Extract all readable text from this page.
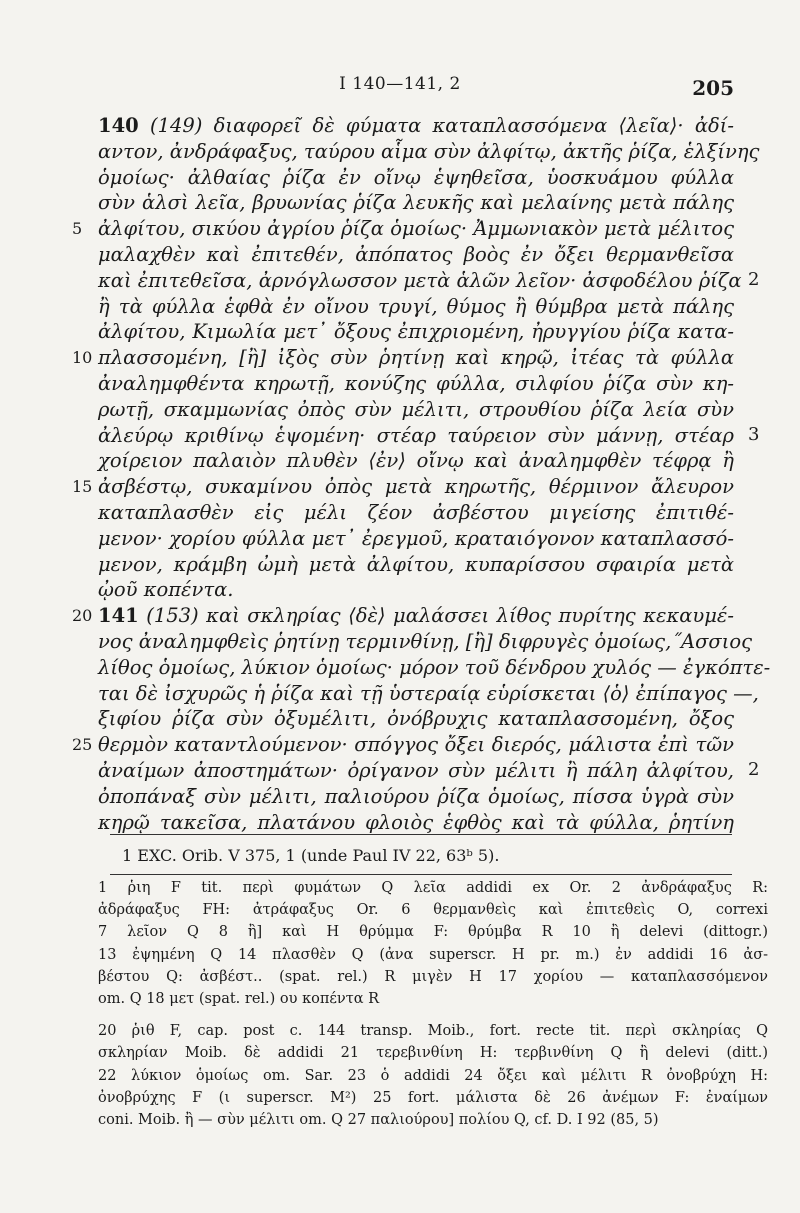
I 140—141, 2	205
140 (149) διαφορεῖ δὲ φύματα καταπλασσόμενα ⟨λεῖα⟩· ἀδί-
αντον, ἀνδράφαξυς, ταύρου αἷμα σὺν ἀλφίτῳ, ἀκτῆς ῥίζα, ἑλξίνης
ὁμοίως· ἀλθαίας ῥίζα ἐν οἴνῳ ἑψηθεῖσα, ὑοσκυάμου φύλλα
σὺν ἁλσὶ λεῖα, βρυωνίας ῥίζα λευκῆς καὶ μελαίνης μετὰ πάλης
5 ἀλφίτου, σικύου ἀγρίου ῥίζα ὁμοίως· Ἀμμωνιακὸν μετὰ μέλιτος
μαλαχθὲν καὶ ἐπιτεθέν, ἀπόπατος βοὸς ἐν ὄξει θερμανθεῖσα
καὶ ἐπιτεθεῖσα, ἀρνόγλωσσον μετὰ ἁλῶν λεῖον· ἀσφοδέλου ῥίζα 2
ἢ τὰ φύλλα ἑφθὰ ἐν οἴνου τρυγί, θύμος ἢ θύμβρα μετὰ πάλης
ἀλφίτου, Κιμωλία μετ᾽ ὄξους ἐπιχριομένη, ἠρυγγίου ῥίζα κατα-
10 πλασσομένη, [ἢ] ἰξὸς σὺν ῥητίνῃ καὶ κηρῷ, ἰτέας τὰ φύλλα
ἀναλημφθέντα κηρωτῇ, κονύζης φύλλα, σιλφίου ῥίζα σὺν κη-
ρωτῇ, σκαμμωνίας ὀπὸς σὺν μέλιτι, στρουθίου ῥίζα λεία σὺν
ἀλεύρῳ κριθίνῳ ἑψομένη· στέαρ ταύρειον σὺν μάννῃ, στέαρ 3
χοίρειον παλαιὸν πλυθὲν ⟨ἐν⟩ οἴνῳ καὶ ἀναλημφθὲν τέφρᾳ ἢ
15 ἀσβέστῳ, συκαμίνου ὀπὸς μετὰ κηρωτῆς, θέρμινον ἄλευρον
καταπλασθὲν εἰς μέλι ζέον ἀσβέστου μιγείσης ἐπιτιθέ-
μενον· χορίου φύλλα μετ᾽ ἐρεγμοῦ, κραταιόγονον καταπλασσό-
μενον, κράμβη ὠμὴ μετὰ ἀλφίτου, κυπαρίσσου σφαιρία μετὰ
ᾠοῦ κοπέντα.
20 141 (153) καὶ σκληρίας ⟨δὲ⟩ μαλάσσει λίθος πυρίτης κεκαυμέ-
νος ἀναλημφθεὶς ῥητίνῃ τερμινθίνῃ, [ἢ] διφρυγὲς ὁμοίως,˝Ασσιος
λίθος ὁμοίως, λύκιον ὁμοίως· μόρον τοῦ δένδρου χυλός — ἐγκόπτε-
ται δὲ ἰσχυρῶς ἡ ῥίζα καὶ τῇ ὑστεραίᾳ εὑρίσκεται ⟨ὁ⟩ ἐπίπαγος —,
ξιφίου ῥίζα σὺν ὀξυμέλιτι, ὀνόβρυχις καταπλασσομένη, ὄξος
25 θερμὸν καταντλούμενον· σπόγγος ὄξει διερός, μάλιστα ἐπὶ τῶν
ἀναίμων ἀποστημάτων· ὀρίγανον σὺν μέλιτι ἢ πάλη ἀλφίτου, 2
ὀποπάναξ σὺν μέλιτι, παλιούρου ῥίζα ὁμοίως, πίσσα ὑγρὰ σὺν
κηρῷ τακεῖσα, πλατάνου φλοιὸς ἑφθὸς καὶ τὰ φύλλα, ῥητίνη
1 EXC. Orib. V 375, 1 (unde Paul IV 22, 63ᵇ 5).
1 ῥιη F tit. περὶ φυμάτων Q λεῖα addidi ex Or. 2 ἀνδράφαξυς R:
ἀδράφαξυς FH: ἀτράφαξυς Or. 6 θερμανθεὶς καὶ ἐπιτεθεὶς O, correxi
7 λεῖον Q 8 ἢ] καὶ H θρύμμα F: θρύμβα R 10 ἢ delevi (dittogr.)
13 ἐψημένη Q 14 πλασθὲν Q (ἀνα superscr. H pr. m.) ἐν addidi 16 ἀσ-
βέστου Q: ἀσβέστ.. (spat. rel.) R μιγὲν H 17 χορίου — καταπλασσόμενον
om. Q 18 μετ (spat. rel.) ου κοπέντα R
20 ῥιθ F, cap. post c. 144 transp. Moib., fort. recte tit. περὶ σκληρίας Q
σκληρίαν Moib. δὲ addidi 21 τερεβινθίνη H: τερβινθίνη Q ἢ delevi (ditt.)
22 λύκιον ὁμοίως om. Sar. 23 ὁ addidi 24 ὄξει καὶ μέλιτι R ὀνοβρύχη H:
ὀνοβρύχης F (ι superscr. M²) 25 fort. μάλιστα δὲ 26 ἀνέμων F: ἐναίμων
coni. Moib. ἢ — σὺν μέλιτι om. Q 27 παλιούρου] πολίου Q, cf. D. I 92 (85, 5)
